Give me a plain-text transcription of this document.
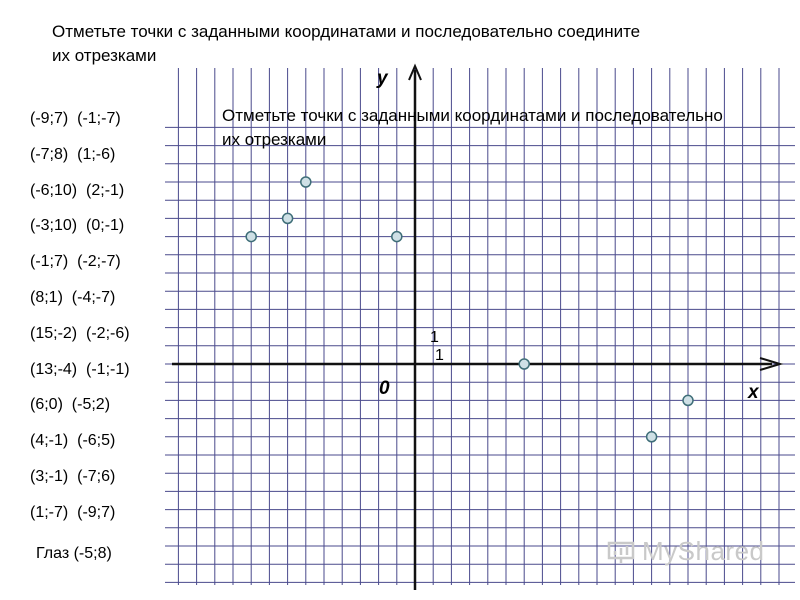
Отметьте точки с заданными координатами и последовательно соедините
их отрезками
y
x
0
1
1
Отметьте точки с заданными координатами и последовательно
их отрезками
(-9;7) (-1;-7)
(-7;8) (1;-6)
(-6;10) (2;-1)
(-3;10) (0;-1)
(-1;7) (-2;-7)
(8;1) (-4;-7)
(15;-2) (-2;-6)
(13;-4) (-1;-1)
(6;0) (-5;2)
(4;-1) (-6;5)
(3;-1) (-7;6)
(1;-7) (-9;7)
Глаз (-5;8)	MyShared
